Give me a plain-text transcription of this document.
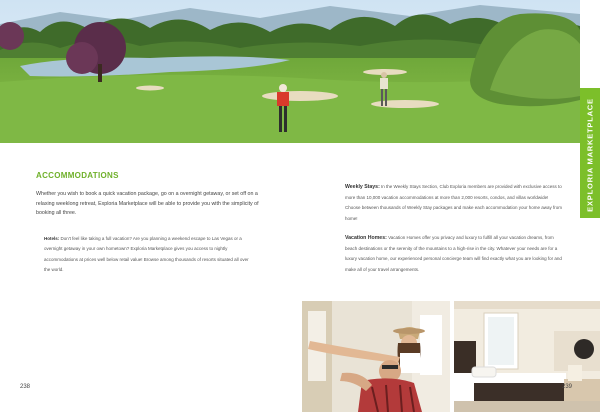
EXPLORIA MARKETPLACE
ACCOMMODATIONS

Whether you wish to book a quick vacation package, go on a overnight getaway, or set off on a relaxing weeklong retreat, Exploria Marketplace will be able to provide you with the simplicity of booking all three.

Hotels: Don't feel like taking a full vacation? Are you planning a weekend escape to Las Vegas or a overnight getaway in your own hometown? Exploria Marketplace gives you access to nightly accommodations at prices well below retail value! Browse among thousands of resorts situated all over the world.

Weekly Stays: In the Weekly Stays Section, Club Exploria members are provided with exclusive access to more than 10,000 vacation accommodations at more than 2,000 resorts, condos, and villas worldwide! Choose between thousands of Weekly Stay packages and make each accommodation your home away from home!

Vacation Homes: Vacation Homes offer you privacy and luxury to fulfill all your vacation dreams, from beach destinations or the serenity of the mountains to a high-rise in the city. Whatever your needs are for a luxury vacation home, our experienced personal concierge team will find exactly what you are looking for and make all of your travel arrangements.

238	239
